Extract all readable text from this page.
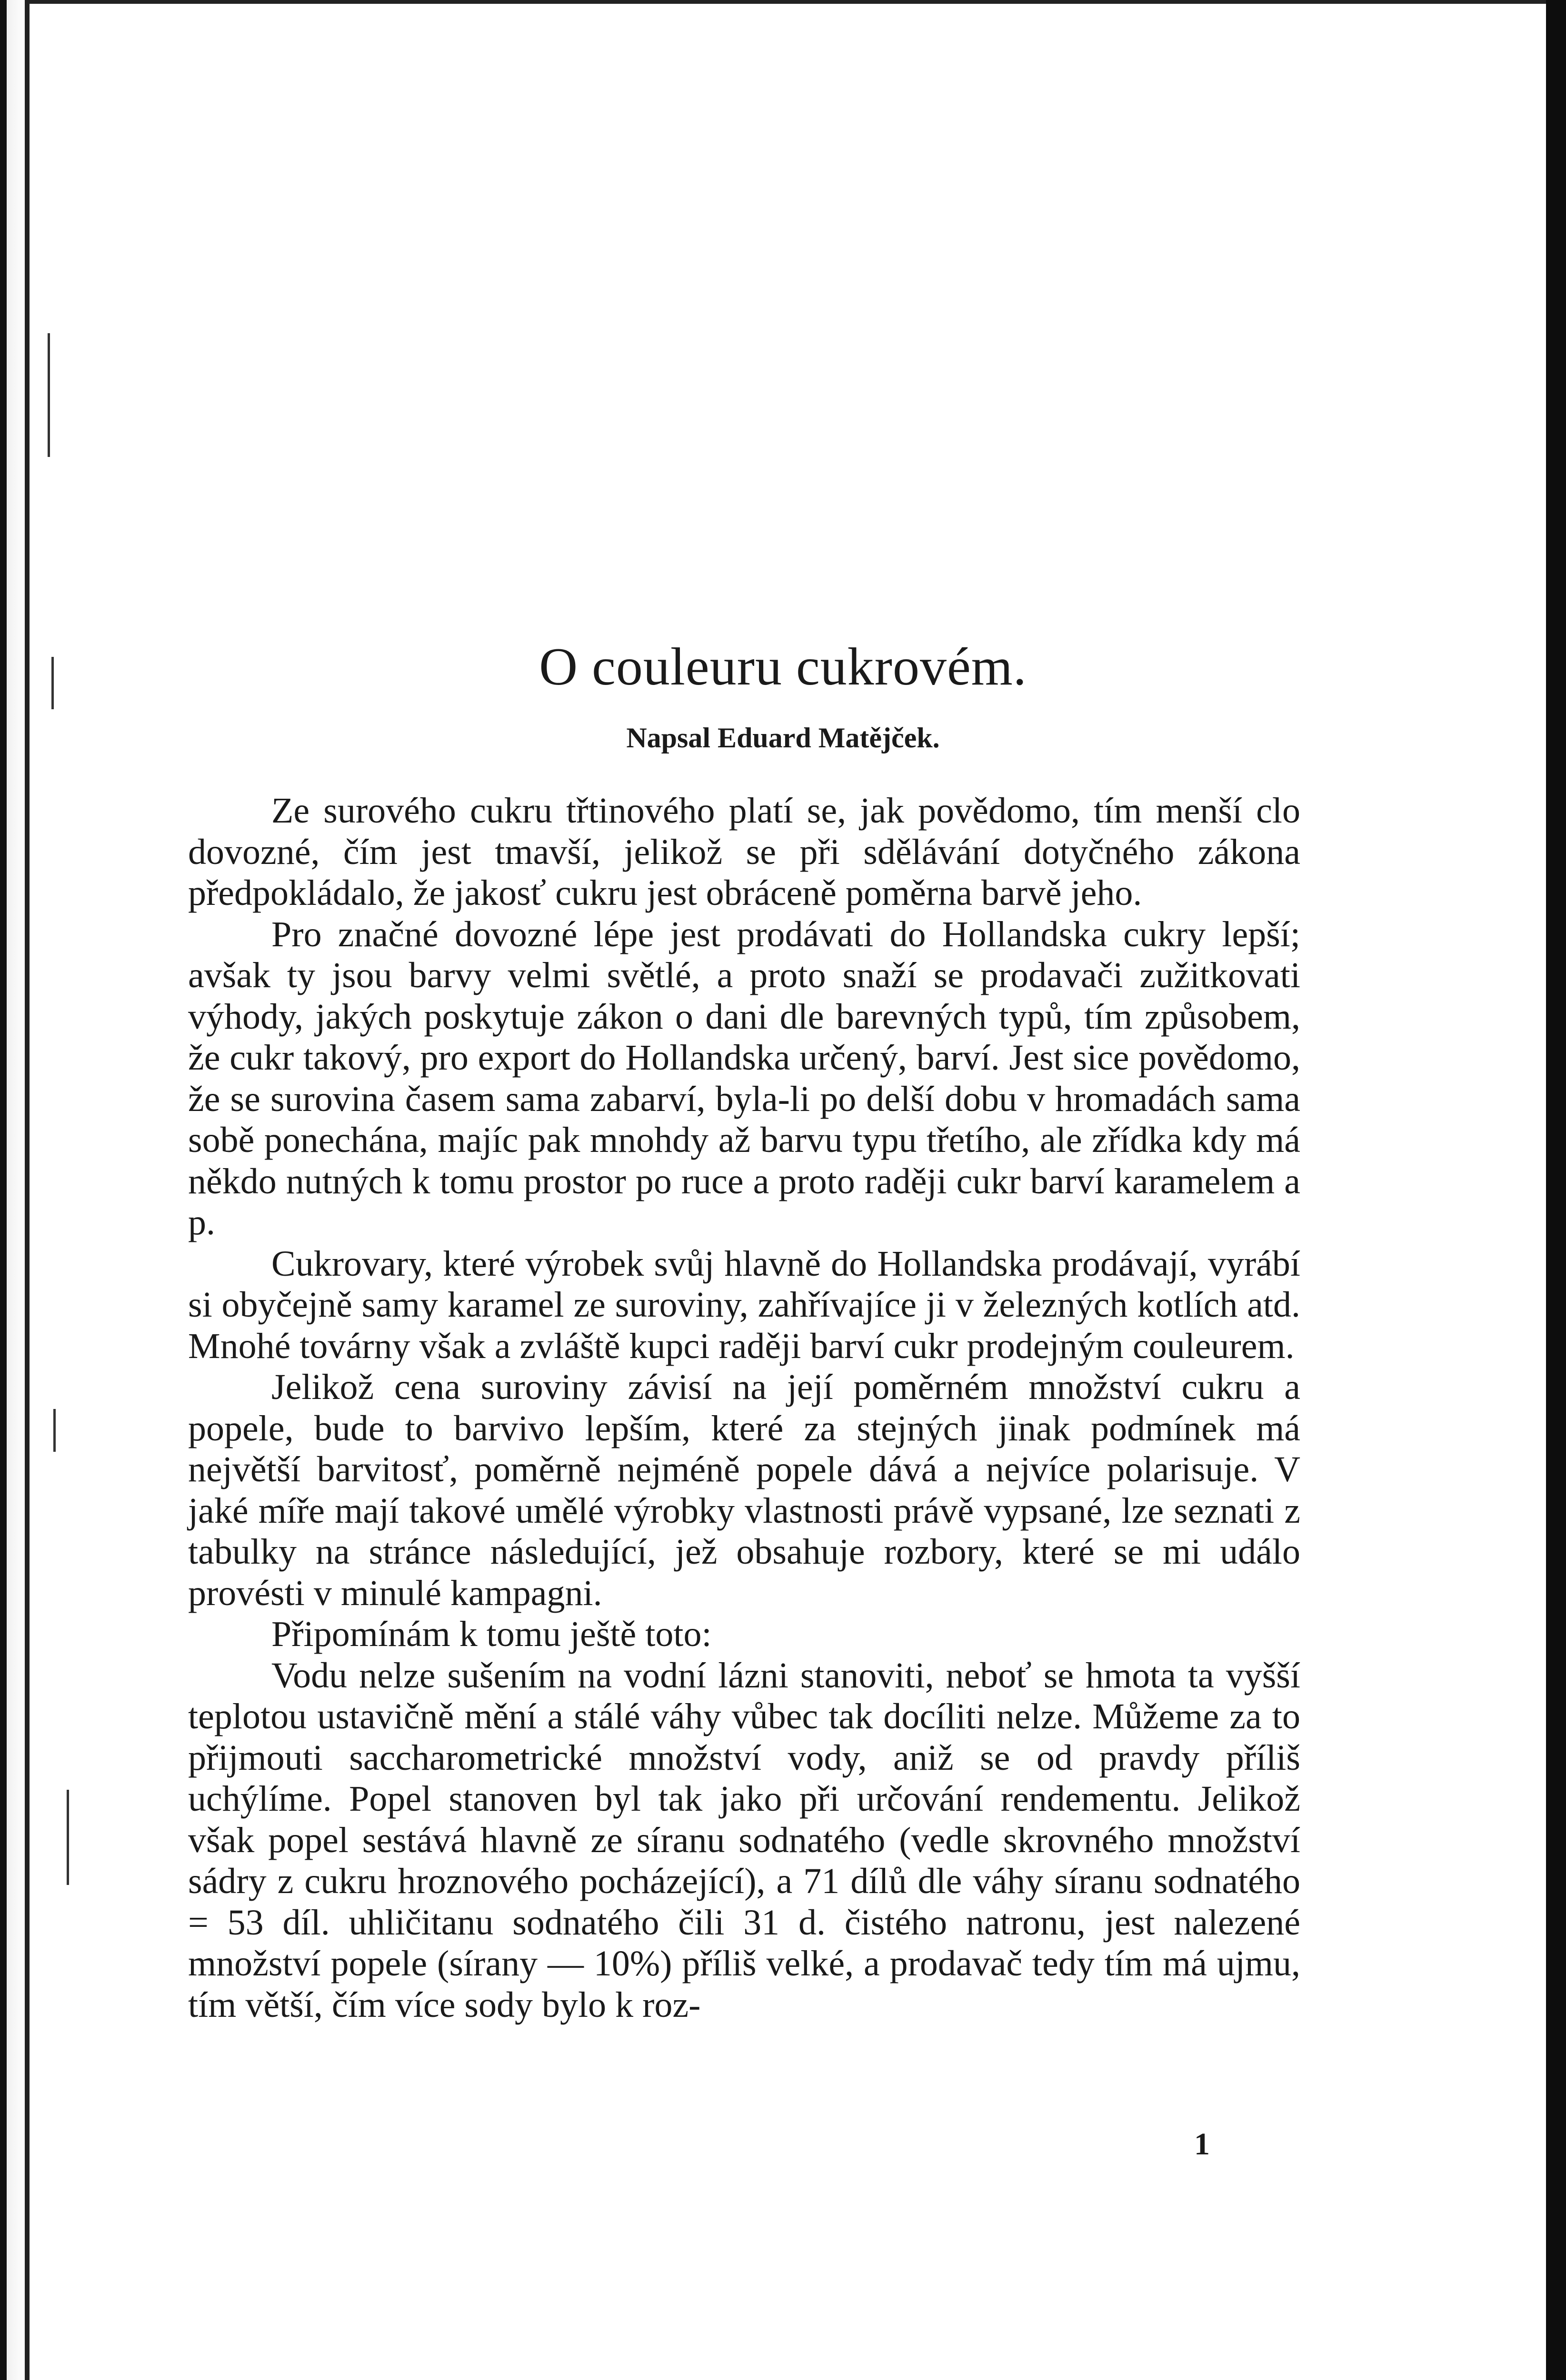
O couleuru cukrovém.
Napsal Eduard Matějček.

Ze surového cukru třtinového platí se, jak povědomo, tím menší clo dovozné, čím jest tmavší, jelikož se při sdělávání dotyčného zákona předpokládalo, že jakosť cukru jest obráceně poměrna barvě jeho.

Pro značné dovozné lépe jest prodávati do Hollandska cukry lepší; avšak ty jsou barvy velmi světlé, a proto snaží se prodavači zužitkovati výhody, jakých poskytuje zákon o dani dle barevných typů, tím způsobem, že cukr takový, pro export do Hollandska určený, barví. Jest sice povědomo, že se surovina časem sama zabarví, byla-li po delší dobu v hromadách sama sobě ponechána, majíc pak mnohdy až barvu typu třetího, ale zřídka kdy má někdo nutných k tomu prostor po ruce a proto raději cukr barví karamelem a p.

Cukrovary, které výrobek svůj hlavně do Hollandska prodávají, vyrábí si obyčejně samy karamel ze suroviny, zahřívajíce ji v železných kotlích atd. Mnohé továrny však a zvláště kupci raději barví cukr prodejným couleurem.

Jelikož cena suroviny závisí na její poměrném množství cukru a popele, bude to barvivo lepším, které za stejných jinak podmínek má největší barvitosť, poměrně nejméně popele dává a nejvíce polarisuje. V jaké míře mají takové umělé výrobky vlastnosti právě vypsané, lze seznati z tabulky na stránce následující, jež obsahuje rozbory, které se mi událo provésti v minulé kampagni.

Připomínám k tomu ještě toto:

Vodu nelze sušením na vodní lázni stanoviti, neboť se hmota ta vyšší teplotou ustavičně mění a stálé váhy vůbec tak docíliti nelze. Můžeme za to přijmouti saccharometrické množství vody, aniž se od pravdy příliš uchýlíme. Popel stanoven byl tak jako při určování rendementu. Jelikož však popel sestává hlavně ze síranu sodnatého (vedle skrovného množství sádry z cukru hroznového pocházející), a 71 dílů dle váhy síranu sodnatého = 53 díl. uhličitanu sodnatého čili 31 d. čistého natronu, jest nalezené množství popele (sírany — 10%) příliš velké, a prodavač tedy tím má ujmu, tím větší, čím více sody bylo k roz-

1
